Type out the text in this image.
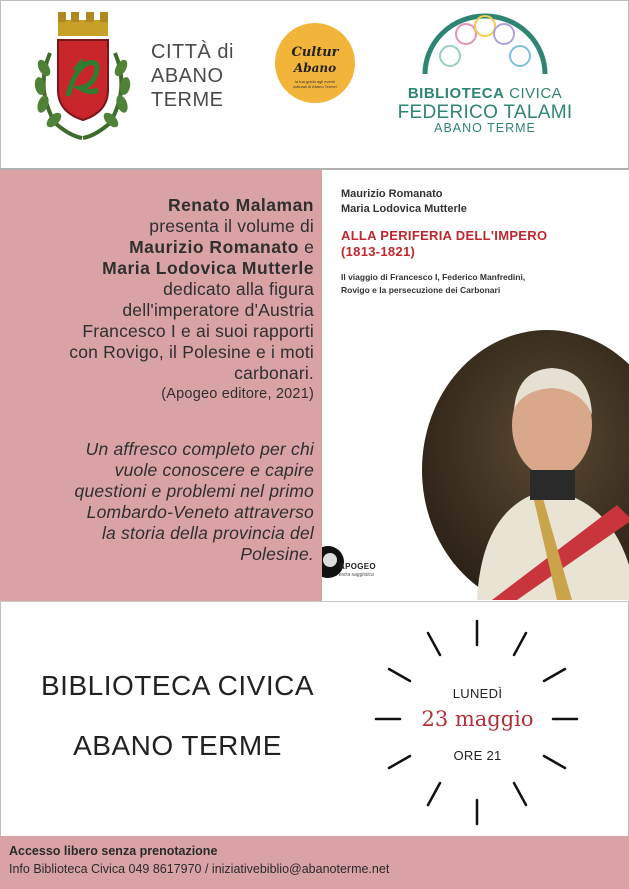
CITTÀ di
ABANO
TERME
Cultur
Abano
la tua guida agli eventi culturali di Abano Terme!	BIBLIOTECA CIVICA
FEDERICO TALAMI
ABANO TERME
Renato Malaman
presenta il volume di
Maurizio Romanato e
Maria Lodovica Mutterle
dedicato alla figura
dell'imperatore d'Austria
Francesco I e ai suoi rapporti
con Rovigo, il Polesine e i moti
carbonari.
(Apogeo editore, 2021)
Un affresco completo per chi
vuole conoscere e capire
questioni e problemi nel primo
Lombardo-Veneto attraverso
la storia della provincia del
Polesine.
Maurizio Romanato
Maria Lodovica Mutterle
ALLA PERIFERIA DELL'IMPERO
(1813-1821)
Il viaggio di Francesco I, Federico Manfredini,
Rovigo e la persecuzione dei Carbonari
APOGEO
extra saggistica
BIBLIOTECA CIVICA
ABANO TERME
LUNEDÌ
23 maggio
ORE 21
Accesso libero senza prenotazione
Info Biblioteca Civica 049 8617970 / iniziativebiblio@abanoterme.net
